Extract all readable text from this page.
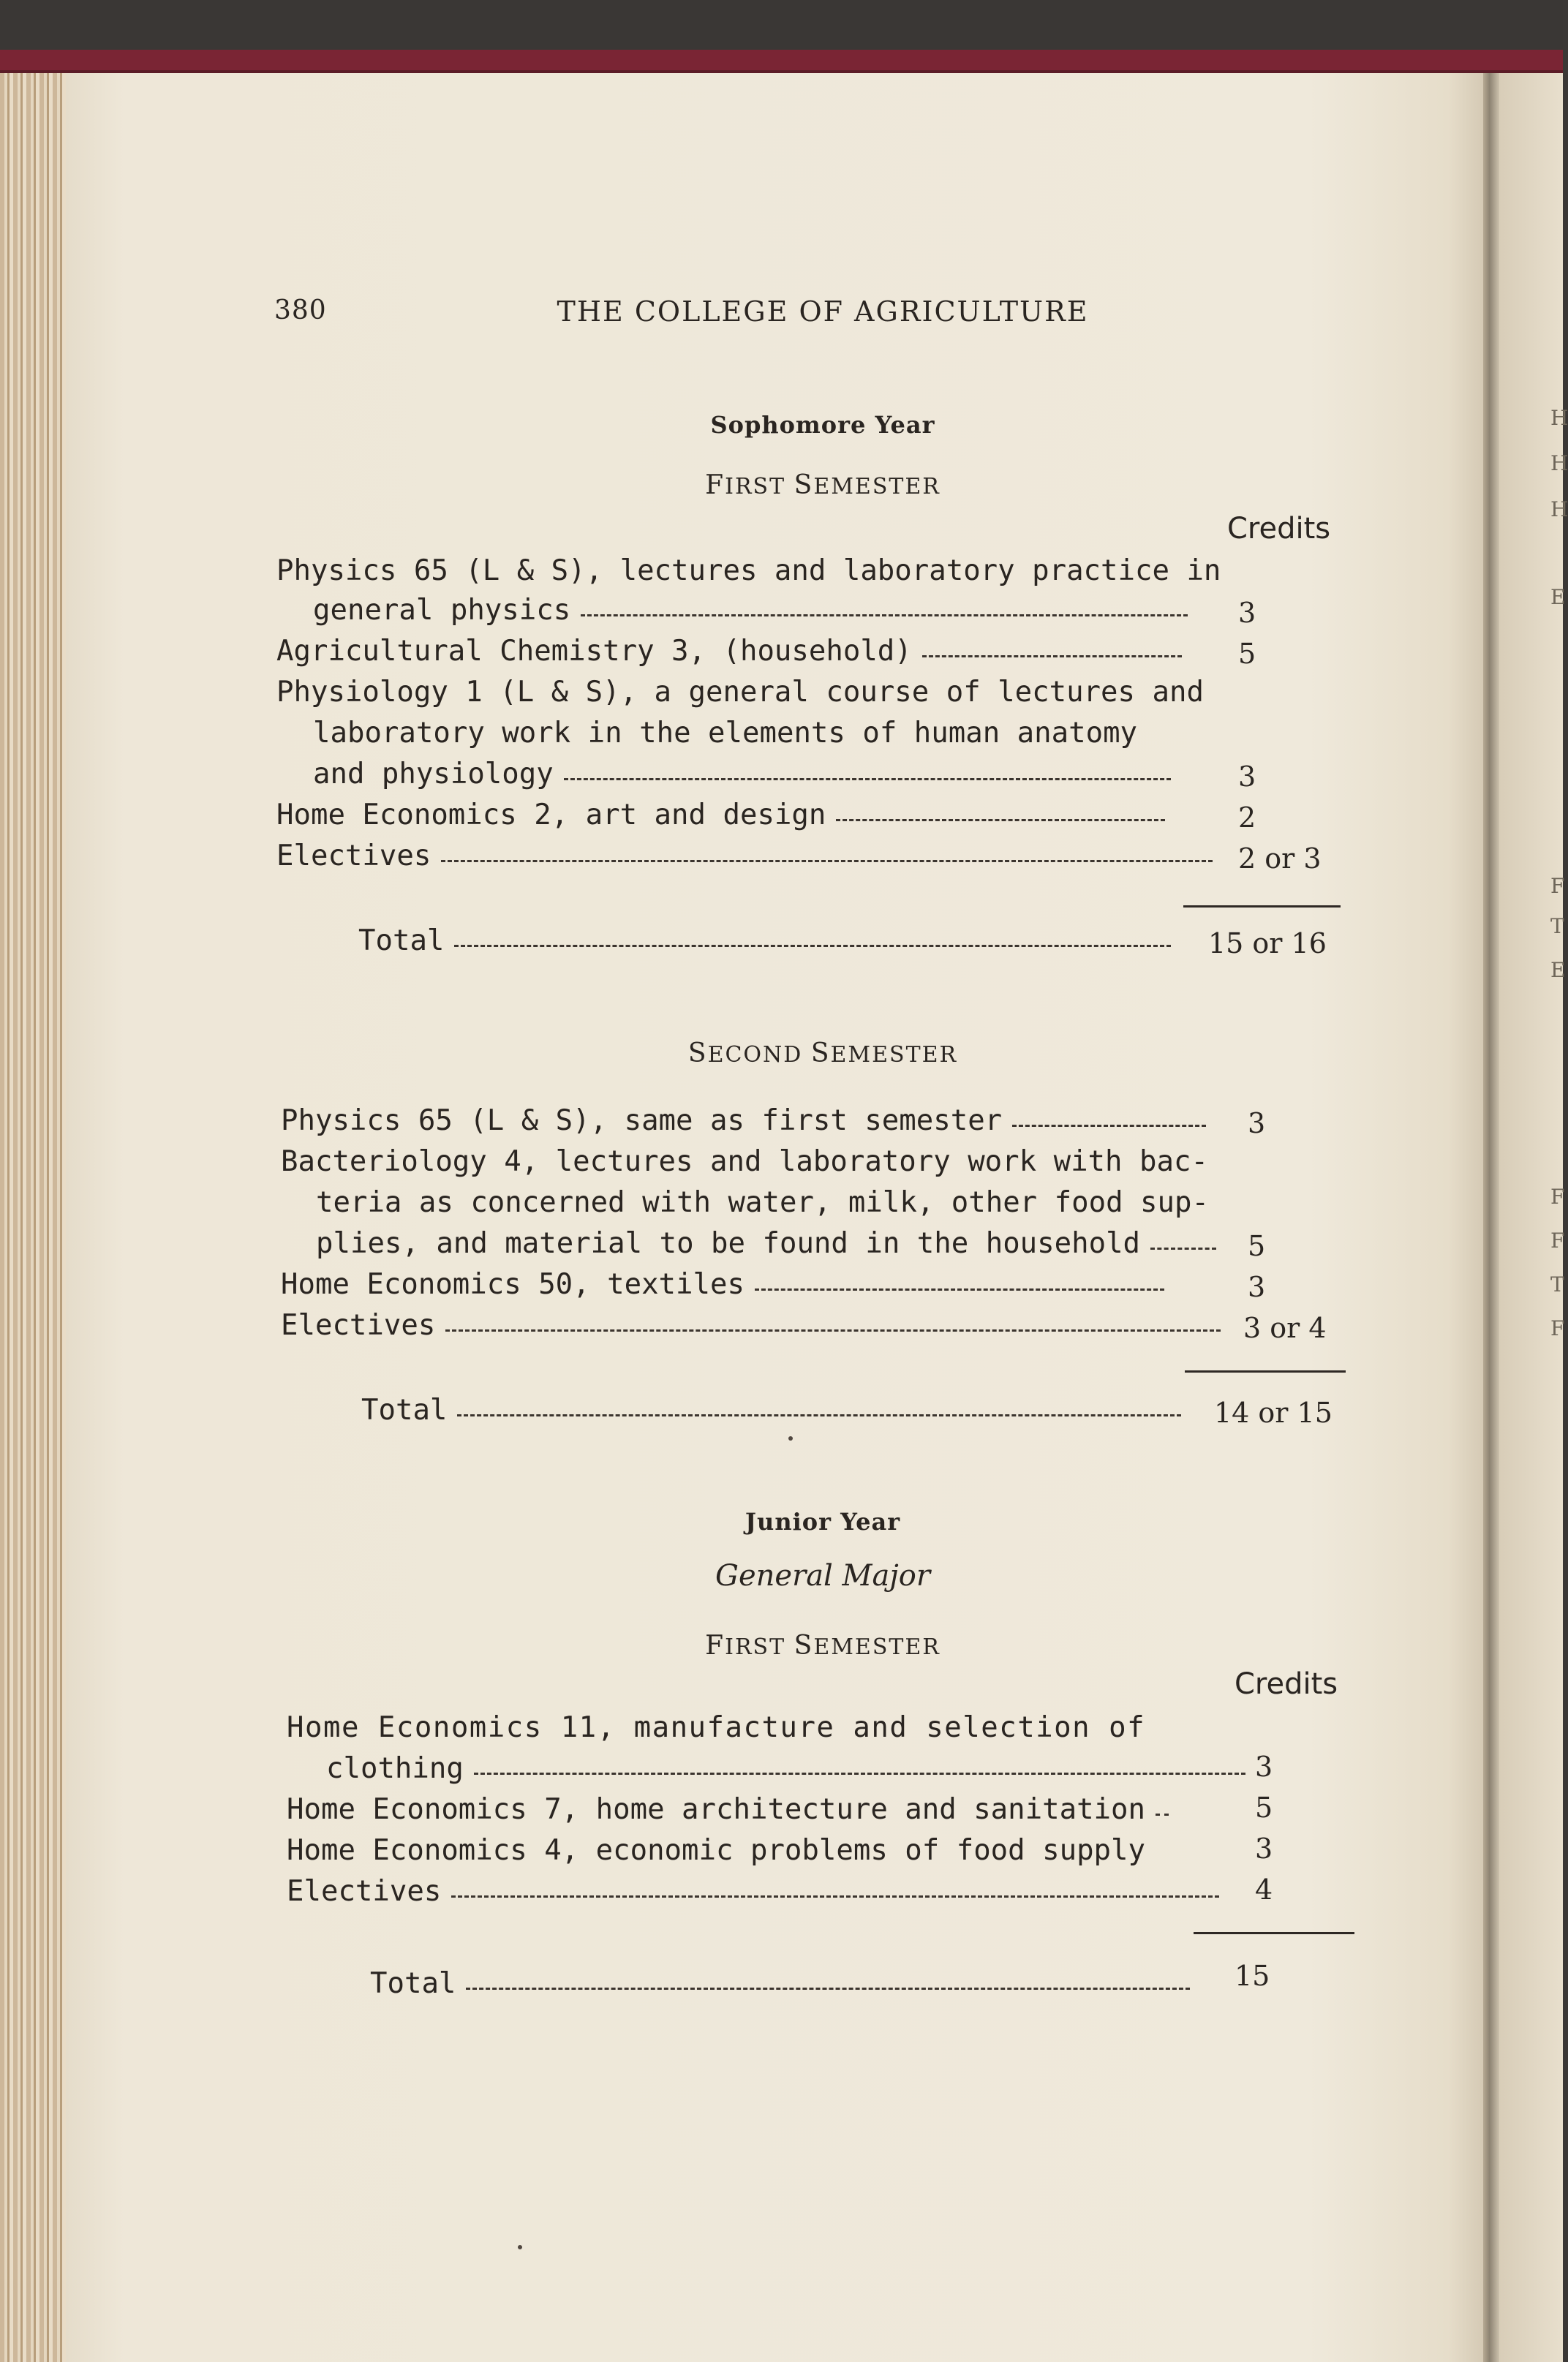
H
H
H
E
F
T
E
F
F
T
F
380	THE COLLEGE OF AGRICULTURE
Sophomore Year
FIRST SEMESTER
Credits
Physics 65 (L & S), lectures and laboratory practice in
general physics	3
Agricultural Chemistry 3, (household)	5
Physiology 1 (L & S), a general course of lectures and
laboratory work in the elements of human anatomy
and physiology	3
Home Economics 2, art and design	2
Electives	2 or 3
Total	15 or 16
SECOND SEMESTER
Physics 65 (L & S), same as first semester	3
Bacteriology 4, lectures and laboratory work with bac-
teria as concerned with water, milk, other food sup-
plies, and material to be found in the household	5
Home Economics 50, textiles	3
Electives	3 or 4
Total	14 or 15
Junior Year
General Major
FIRST SEMESTER
Credits
Home Economics 11, manufacture and selection of
clothing	3
Home Economics 7, home architecture and sanitation	5
Home Economics 4, economic problems of food supply	3
Electives	4
Total	15
